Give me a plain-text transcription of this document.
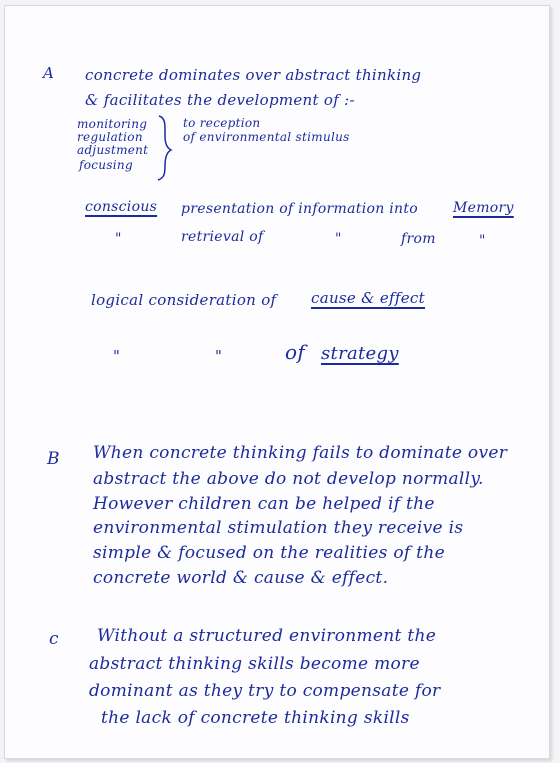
A concrete dominates over abstract thinking
& facilitates the development of :-
monitoring
regulation
adjustment
focusing
to reception
of environmental stimulus
conscious presentation of information into Memory
"	retrieval of	"	from	"
logical consideration of cause & effect
"	"	of strategy
B When concrete thinking fails to dominate over
abstract the above do not develop normally.
However children can be helped if the
environmental stimulation they receive is
simple & focused on the realities of the
concrete world & cause & effect.
c Without a structured environment the
abstract thinking skills become more
dominant as they try to compensate for
the lack of concrete thinking skills
